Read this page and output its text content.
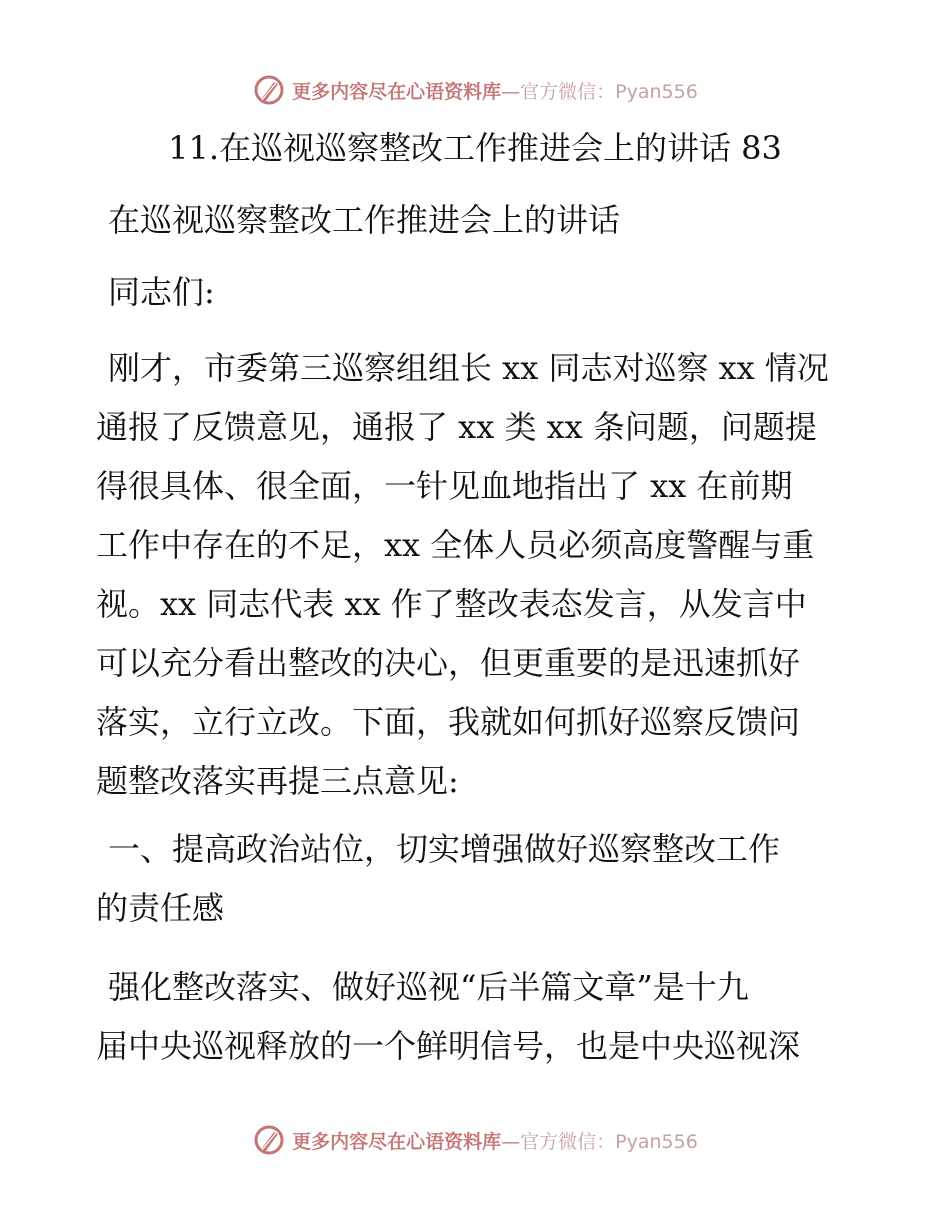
更多内容尽在心语资料库—官方微信：Pyan556
11.在巡视巡察整改工作推进会上的讲话 83
在巡视巡察整改工作推进会上的讲话
同志们:
刚才，市委第三巡察组组长 xx 同志对巡察 xx 情况
通报了反馈意见，通报了 xx 类 xx 条问题，问题提
得很具体、很全面，一针见血地指出了 xx 在前期
工作中存在的不足，xx 全体人员必须高度警醒与重
视。xx 同志代表 xx 作了整改表态发言，从发言中
可以充分看出整改的决心，但更重要的是迅速抓好
落实，立行立改。下面，我就如何抓好巡察反馈问
题整改落实再提三点意见:
一、提高政治站位，切实增强做好巡察整改工作
的责任感
强化整改落实、做好巡视“后半篇文章”是十九
届中央巡视释放的一个鲜明信号，也是中央巡视深
更多内容尽在心语资料库—官方微信：Pyan556
